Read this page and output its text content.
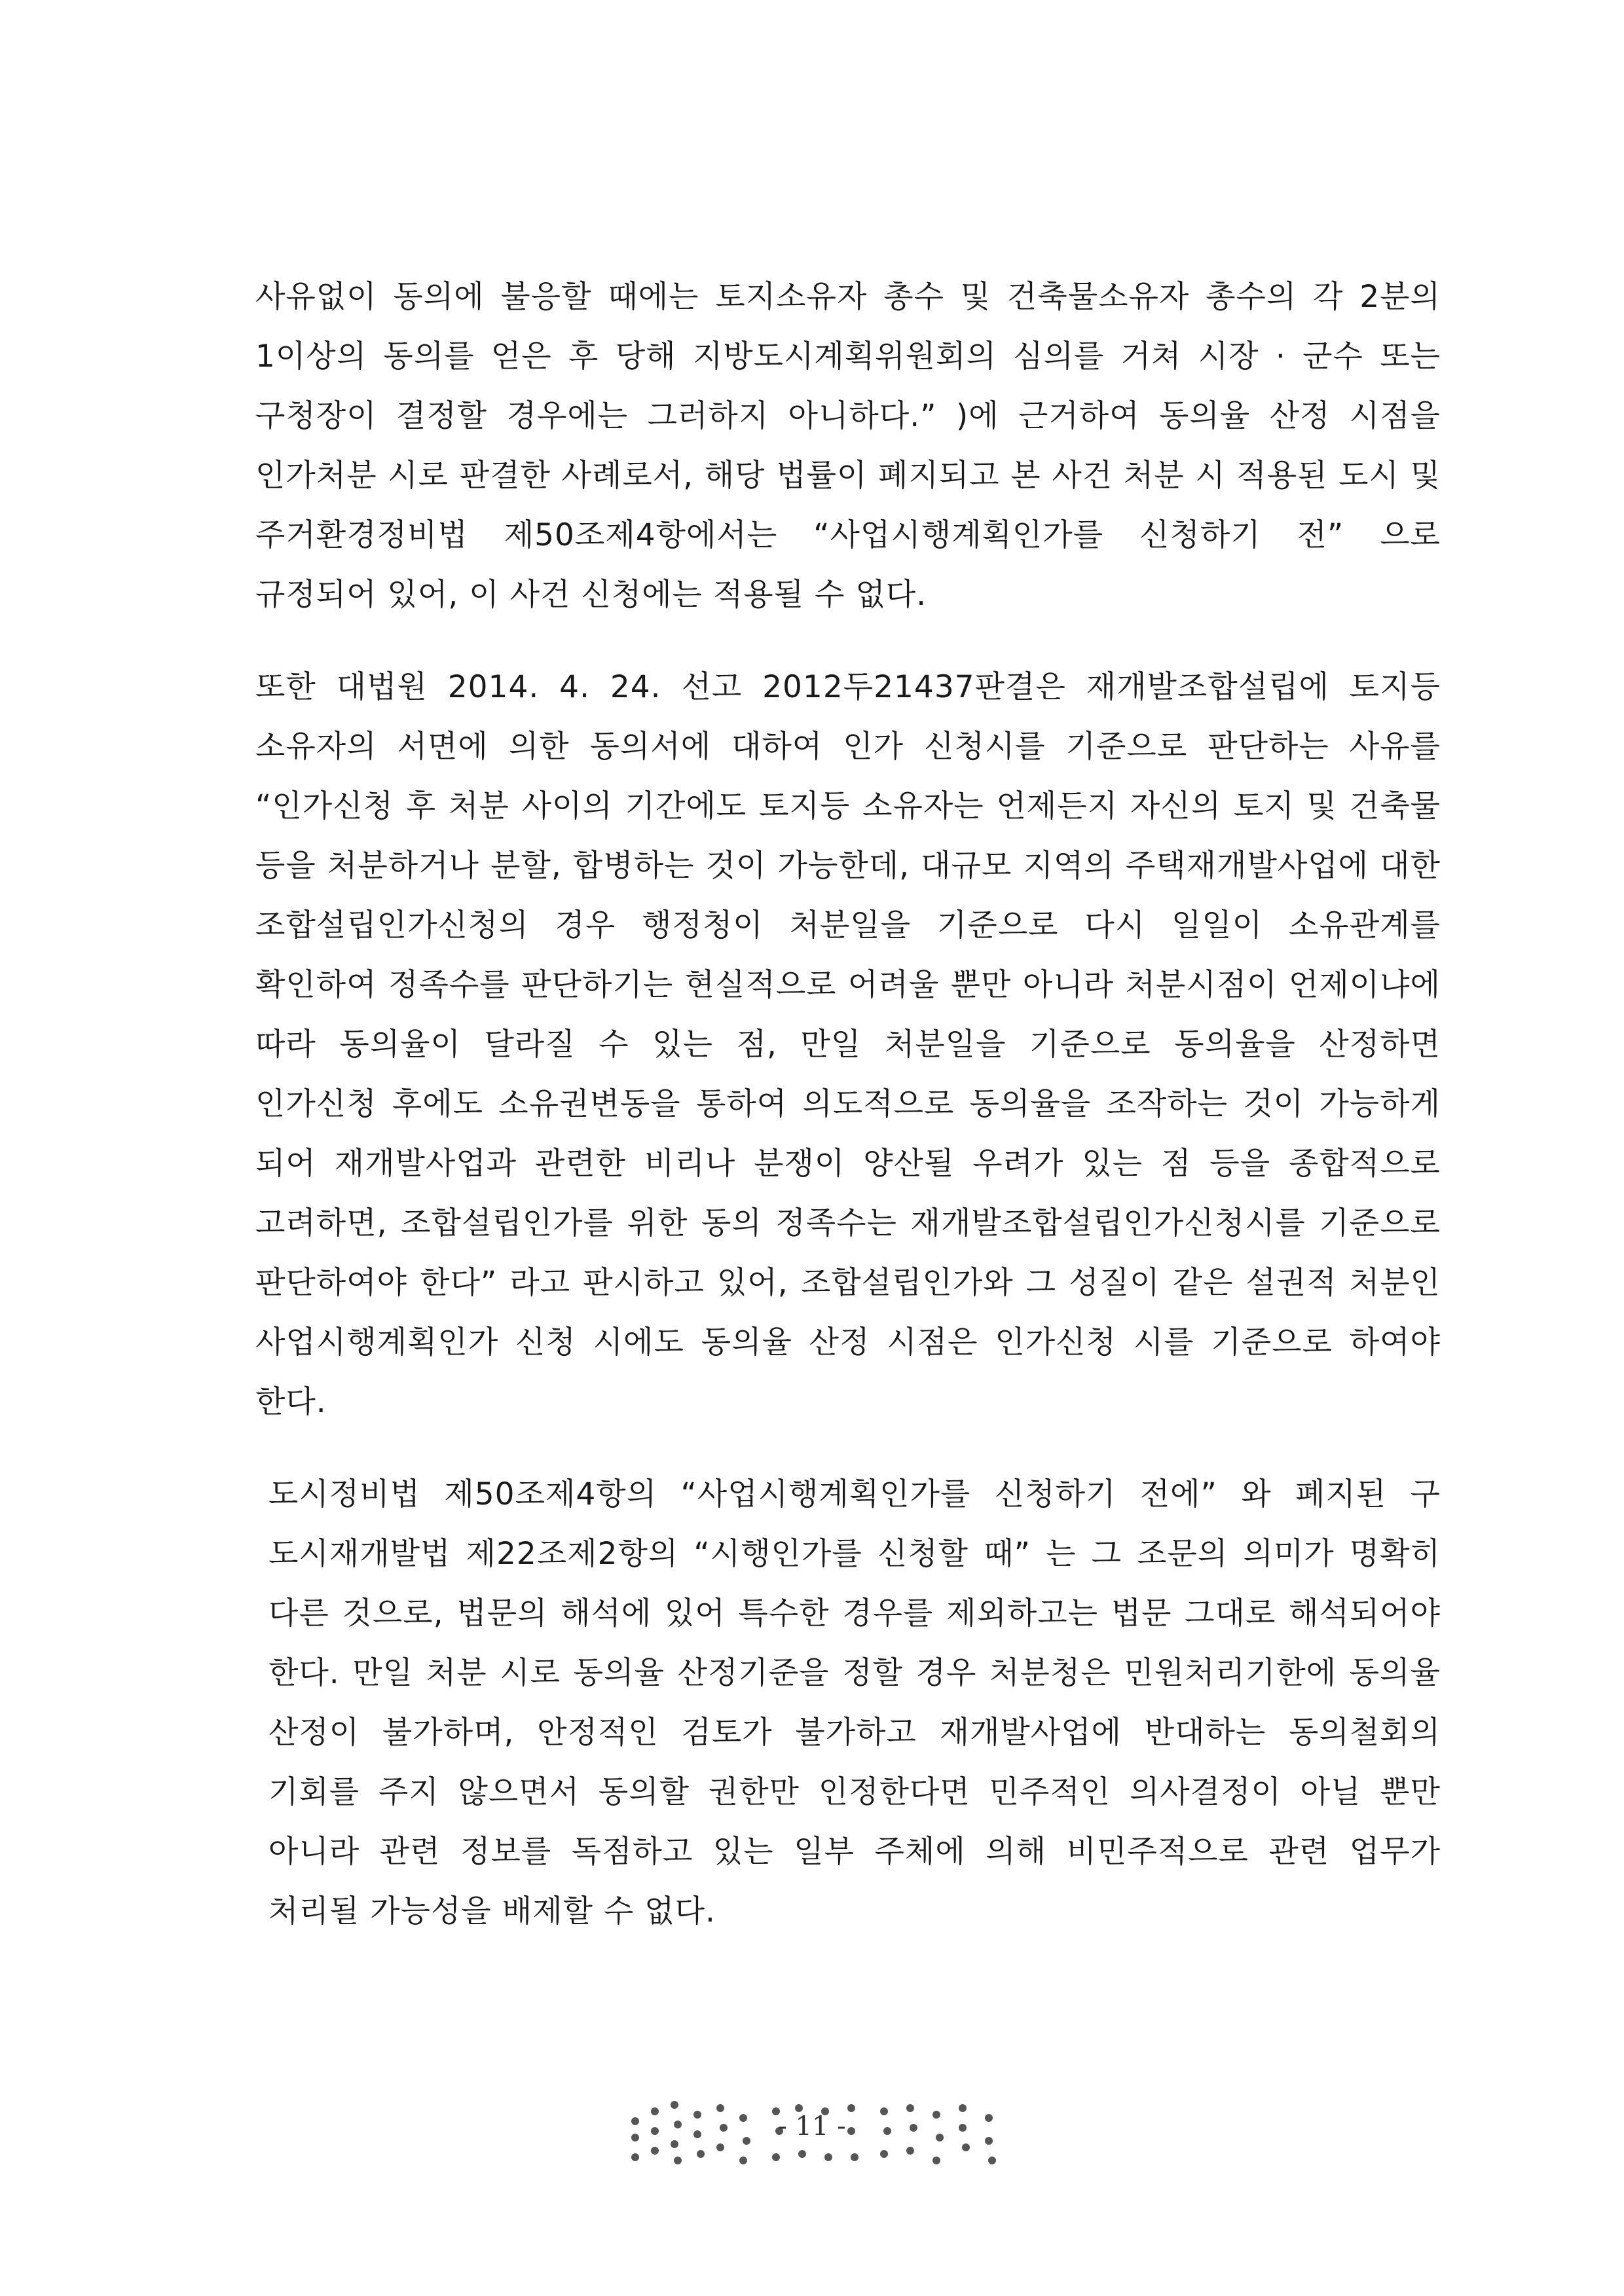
사유없이 동의에 불응할 때에는 토지소유자 총수 및 건축물소유자 총수의 각 2분의 1이상의 동의를 얻은 후 당해 지방도시계획위원회의 심의를 거쳐 시장 · 군수 또는 구청장이 결정할 경우에는 그러하지 아니하다.” )에 근거하여 동의율 산정 시점을 인가처분 시로 판결한 사례로서, 해당 법률이 폐지되고 본 사건 처분 시 적용된 도시 및 주거환경정비법 제50조제4항에서는 “사업시행계획인가를 신청하기 전” 으로 규정되어 있어, 이 사건 신청에는 적용될 수 없다.

또한 대법원 2014. 4. 24. 선고 2012두21437판결은 재개발조합설립에 토지등 소유자의 서면에 의한 동의서에 대하여 인가 신청시를 기준으로 판단하는 사유를 “인가신청 후 처분 사이의 기간에도 토지등 소유자는 언제든지 자신의 토지 및 건축물 등을 처분하거나 분할, 합병하는 것이 가능한데, 대규모 지역의 주택재개발사업에 대한 조합설립인가신청의 경우 행정청이 처분일을 기준으로 다시 일일이 소유관계를 확인하여 정족수를 판단하기는 현실적으로 어려울 뿐만 아니라 처분시점이 언제이냐에 따라 동의율이 달라질 수 있는 점, 만일 처분일을 기준으로 동의율을 산정하면 인가신청 후에도 소유권변동을 통하여 의도적으로 동의율을 조작하는 것이 가능하게 되어 재개발사업과 관련한 비리나 분쟁이 양산될 우려가 있는 점 등을 종합적으로 고려하면, 조합설립인가를 위한 동의 정족수는 재개발조합설립인가신청시를 기준으로 판단하여야 한다” 라고 판시하고 있어, 조합설립인가와 그 성질이 같은 설권적 처분인 사업시행계획인가 신청 시에도 동의율 산정 시점은 인가신청 시를 기준으로 하여야 한다.

도시정비법 제50조제4항의 “사업시행계획인가를 신청하기 전에” 와 폐지된 구 도시재개발법 제22조제2항의 “시행인가를 신청할 때” 는 그 조문의 의미가 명확히 다른 것으로, 법문의 해석에 있어 특수한 경우를 제외하고는 법문 그대로 해석되어야 한다. 만일 처분 시로 동의율 산정기준을 정할 경우 처분청은 민원처리기한에 동의율 산정이 불가하며, 안정적인 검토가 불가하고 재개발사업에 반대하는 동의철회의 기회를 주지 않으면서 동의할 권한만 인정한다면 민주적인 의사결정이 아닐 뿐만 아니라 관련 정보를 독점하고 있는 일부 주체에 의해 비민주적으로 관련 업무가 처리될 가능성을 배제할 수 없다.

- 11 -
